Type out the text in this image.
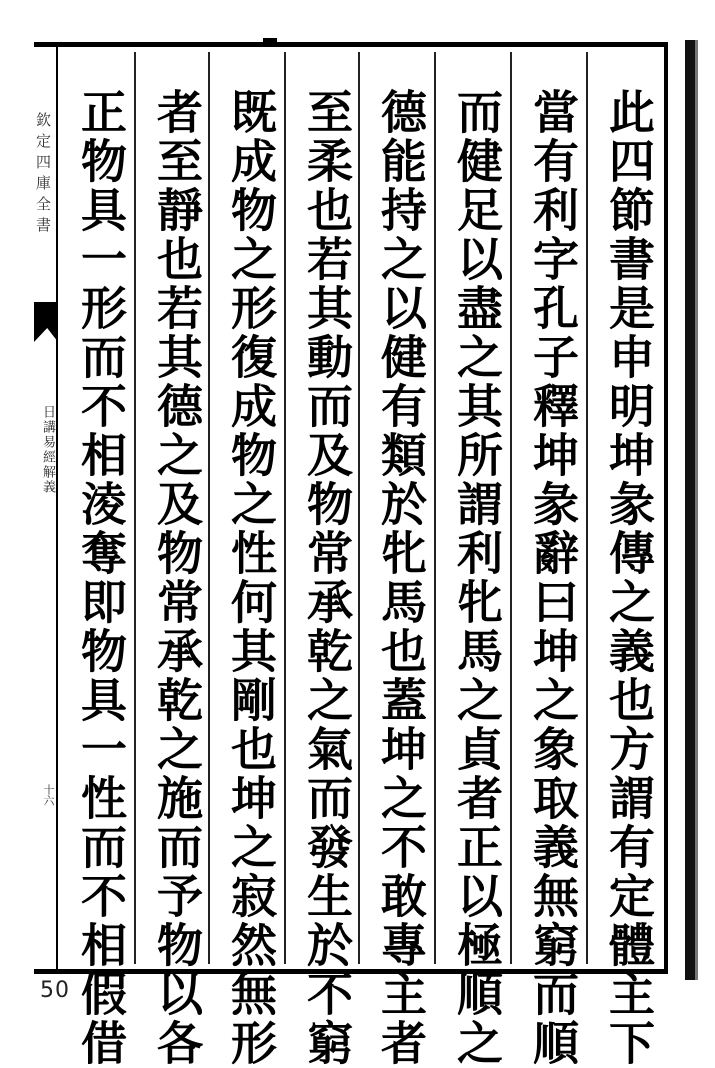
欽定四庫全書
日講易經解義
十六	此四節書是申明坤彖傳之義也方謂有定體主下
當有利字孔子釋坤彖辭曰坤之象取義無窮而順
而健足以盡之其所謂利牝馬之貞者正以極順之
德能持之以健有類於牝馬也蓋坤之不敢專主者
至柔也若其動而及物常承乾之氣而發生於不窮
既成物之形復成物之性何其剛也坤之寂然無形
者至靜也若其德之及物常承乾之施而予物以各
正物具一形而不相淩奪即物具一性而不相假借
50
